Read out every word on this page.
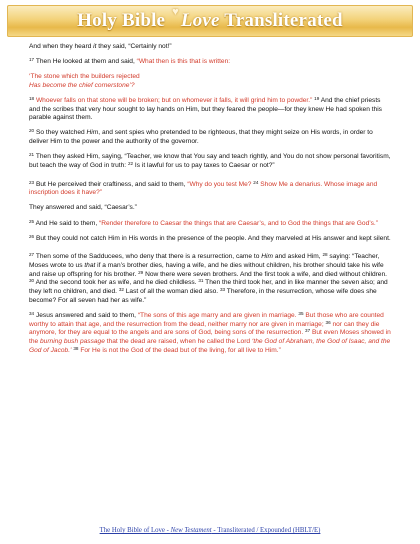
Holy Bible ♥ Love Transliterated

And when they heard it they said, “Certainly not!”

$^{17}$ Then He looked at them and said, “What then is this that is written:

‘The stone which the builders rejected

Has become the chief cornerstone’?

$^{18}$ Whoever falls on that stone will be broken; but on whomever it falls, it will grind him to powder.” $^{19}$ And the chief priests and the scribes that very hour sought to lay hands on Him, but they feared the people—for they knew He had spoken this parable against them.

$^{20}$ So they watched Him, and sent spies who pretended to be righteous, that they might seize on His words, in order to deliver Him to the power and the authority of the governor.

$^{21}$ Then they asked Him, saying, “Teacher, we know that You say and teach rightly, and You do not show personal favoritism, but teach the way of God in truth: $^{22}$ Is it lawful for us to pay taxes to Caesar or not?”

$^{23}$ But He perceived their craftiness, and said to them, “Why do you test Me? $^{24}$ Show Me a denarius. Whose image and inscription does it have?”

They answered and said, “Caesar’s.”

$^{25}$ And He said to them, “Render therefore to Caesar the things that are Caesar’s, and to God the things that are God’s.”

$^{26}$ But they could not catch Him in His words in the presence of the people. And they marveled at His answer and kept silent.

$^{27}$ Then some of the Sadducees, who deny that there is a resurrection, came to Him and asked Him, $^{28}$ saying: “Teacher, Moses wrote to us that if a man’s brother dies, having a wife, and he dies without children, his brother should take his wife and raise up offspring for his brother. $^{29}$ Now there were seven brothers. And the first took a wife, and died without children. $^{30}$ And the second took her as wife, and he died childless. $^{31}$ Then the third took her, and in like manner the seven also; and they left no children, and died. $^{32}$ Last of all the woman died also. $^{33}$ Therefore, in the resurrection, whose wife does she become? For all seven had her as wife.”

$^{34}$ Jesus answered and said to them, “The sons of this age marry and are given in marriage. $^{35}$ But those who are counted worthy to attain that age, and the resurrection from the dead, neither marry nor are given in marriage; $^{36}$ nor can they die anymore, for they are equal to the angels and are sons of God, being sons of the resurrection. $^{37}$ But even Moses showed in the burning bush passage that the dead are raised, when he called the Lord ‘the God of Abraham, the God of Isaac, and the God of Jacob.’ $^{38}$ For He is not the God of the dead but of the living, for all live to Him.”

The Holy Bible of Love - New Testament - Transliterated / Expounded (HBLT/E)
